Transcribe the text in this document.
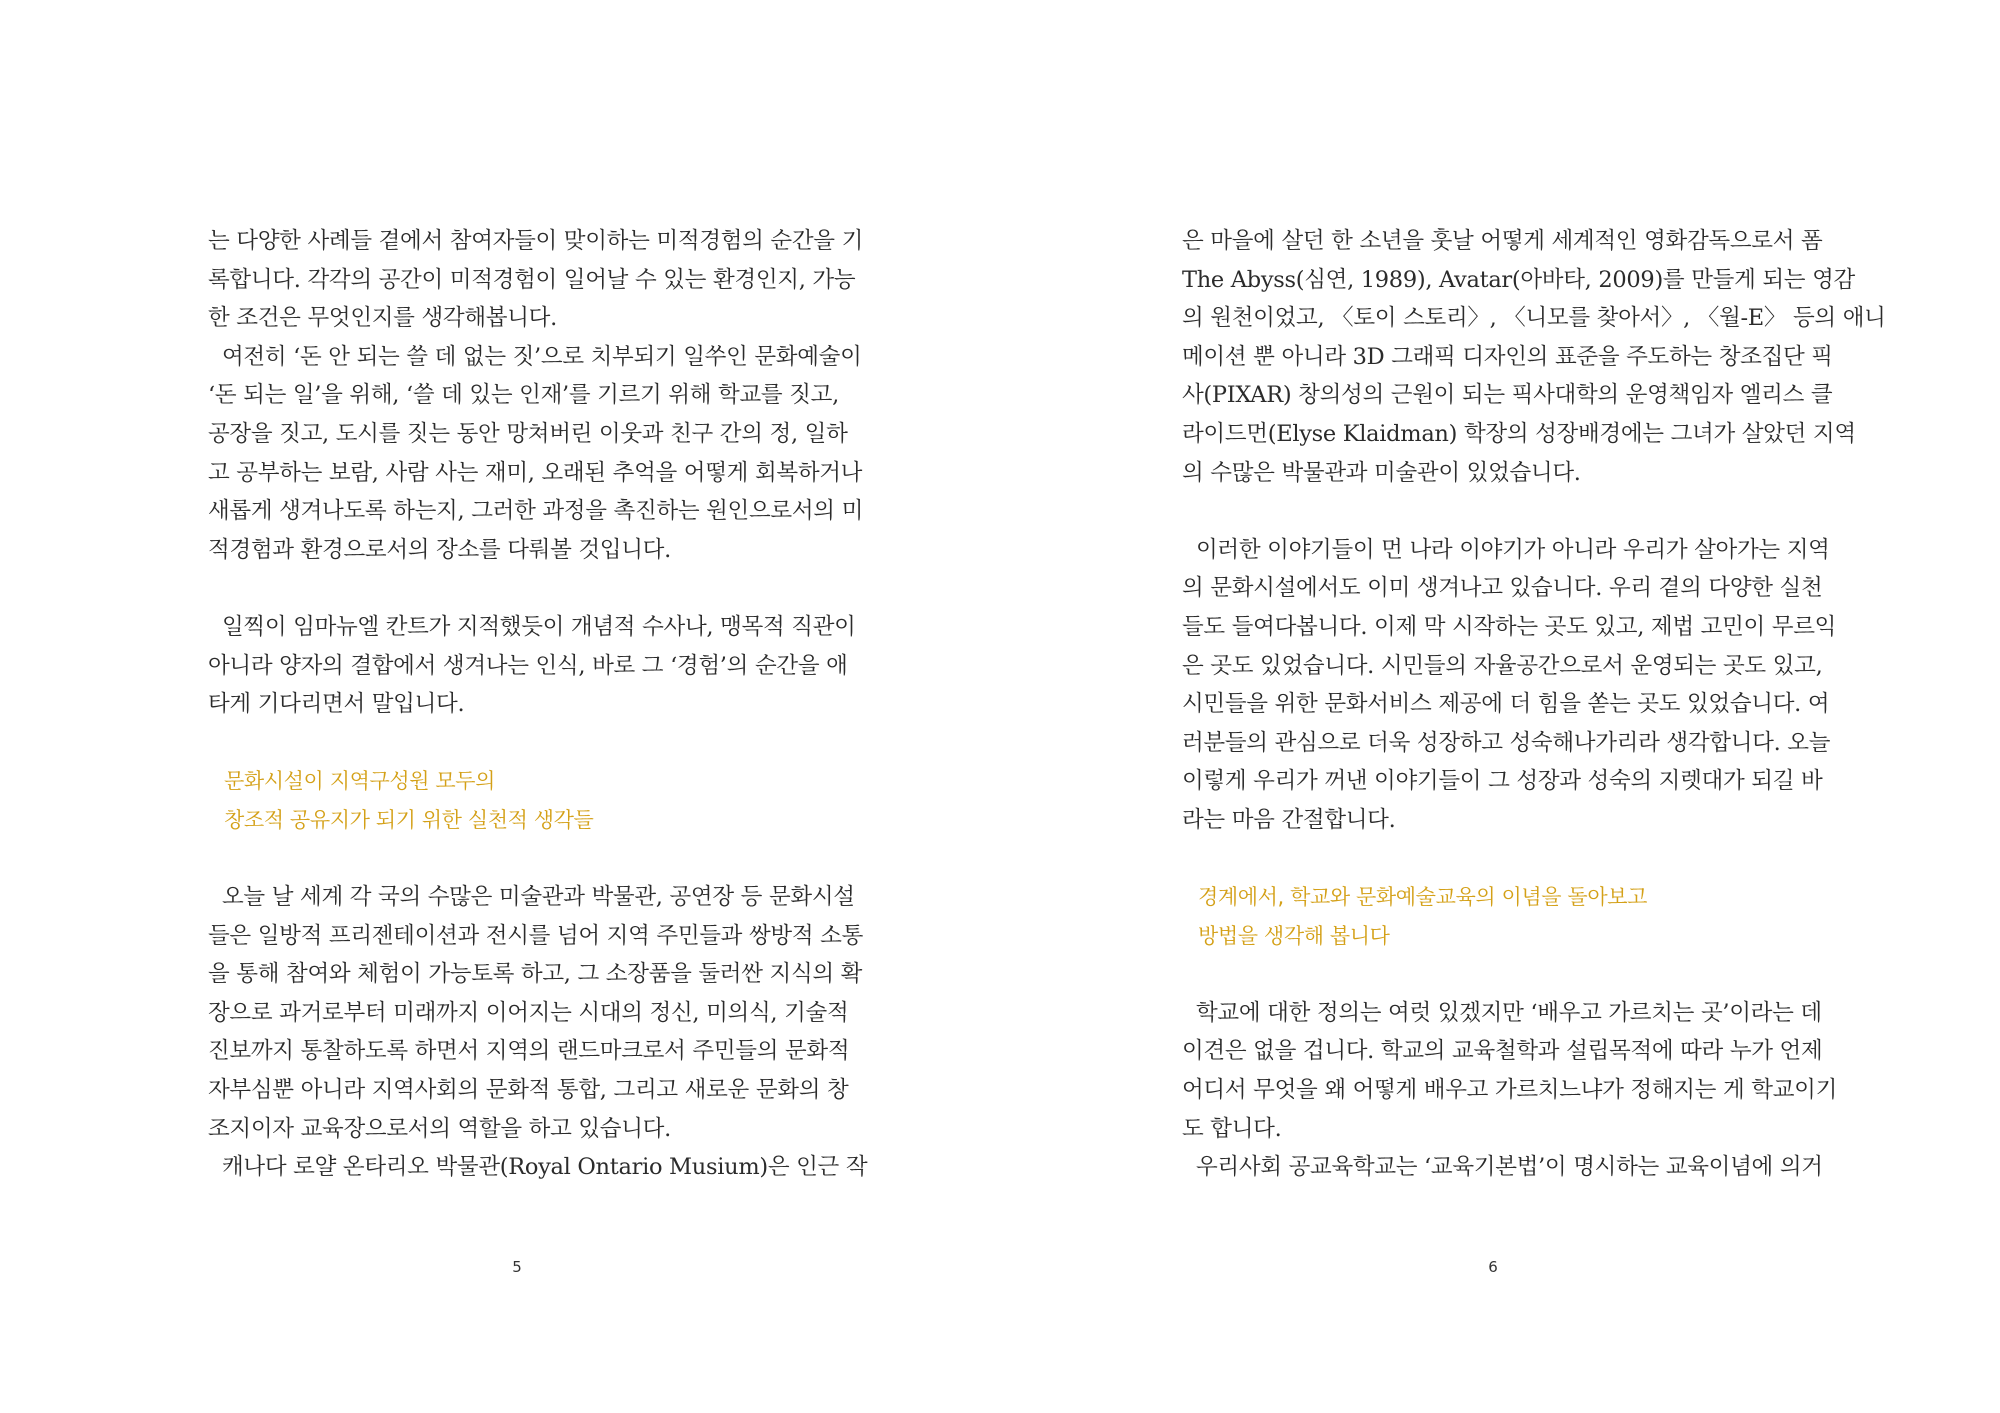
는 다양한 사례들 곁에서 참여자들이 맞이하는 미적경험의 순간을 기
록합니다. 각각의 공간이 미적경험이 일어날 수 있는 환경인지, 가능
한 조건은 무엇인지를 생각해봅니다.
여전히 ‘돈 안 되는 쓸 데 없는 짓’으로 치부되기 일쑤인 문화예술이
‘돈 되는 일’을 위해, ‘쓸 데 있는 인재’를 기르기 위해 학교를 짓고,
공장을 짓고, 도시를 짓는 동안 망쳐버린 이웃과 친구 간의 정, 일하
고 공부하는 보람, 사람 사는 재미, 오래된 추억을 어떻게 회복하거나
새롭게 생겨나도록 하는지, 그러한 과정을 촉진하는 원인으로서의 미
적경험과 환경으로서의 장소를 다뤄볼 것입니다.
일찍이 임마뉴엘 칸트가 지적했듯이 개념적 수사나, 맹목적 직관이
아니라 양자의 결합에서 생겨나는 인식, 바로 그 ‘경험’의 순간을 애
타게 기다리면서 말입니다.
문화시설이 지역구성원 모두의
창조적 공유지가 되기 위한 실천적 생각들
오늘 날 세계 각 국의 수많은 미술관과 박물관, 공연장 등 문화시설
들은 일방적 프리젠테이션과 전시를 넘어 지역 주민들과 쌍방적 소통
을 통해 참여와 체험이 가능토록 하고, 그 소장품을 둘러싼 지식의 확
장으로 과거로부터 미래까지 이어지는 시대의 정신, 미의식, 기술적
진보까지 통찰하도록 하면서 지역의 랜드마크로서 주민들의 문화적
자부심뿐 아니라 지역사회의 문화적 통합, 그리고 새로운 문화의 창
조지이자 교육장으로서의 역할을 하고 있습니다.
캐나다 로얄 온타리오 박물관(Royal Ontario Musium)은 인근 작
5
은 마을에 살던 한 소년을 훗날 어떻게 세계적인 영화감독으로서 폼
The Abyss(심연, 1989), Avatar(아바타, 2009)를 만들게 되는 영감
의 원천이었고, 〈토이 스토리〉, 〈니모를 찾아서〉, 〈월-E〉 등의 애니
메이션 뿐 아니라 3D 그래픽 디자인의 표준을 주도하는 창조집단 픽
사(PIXAR) 창의성의 근원이 되는 픽사대학의 운영책임자 엘리스 클
라이드먼(Elyse Klaidman) 학장의 성장배경에는 그녀가 살았던 지역
의 수많은 박물관과 미술관이 있었습니다.
이러한 이야기들이 먼 나라 이야기가 아니라 우리가 살아가는 지역
의 문화시설에서도 이미 생겨나고 있습니다. 우리 곁의 다양한 실천
들도 들여다봅니다. 이제 막 시작하는 곳도 있고, 제법 고민이 무르익
은 곳도 있었습니다. 시민들의 자율공간으로서 운영되는 곳도 있고,
시민들을 위한 문화서비스 제공에 더 힘을 쏟는 곳도 있었습니다. 여
러분들의 관심으로 더욱 성장하고 성숙해나가리라 생각합니다. 오늘
이렇게 우리가 꺼낸 이야기들이 그 성장과 성숙의 지렛대가 되길 바
라는 마음 간절합니다.
경계에서, 학교와 문화예술교육의 이념을 돌아보고
방법을 생각해 봅니다
학교에 대한 정의는 여럿 있겠지만 ‘배우고 가르치는 곳’이라는 데
이견은 없을 겁니다. 학교의 교육철학과 설립목적에 따라 누가 언제
어디서 무엇을 왜 어떻게 배우고 가르치느냐가 정해지는 게 학교이기
도 합니다.
우리사회 공교육학교는 ‘교육기본법’이 명시하는 교육이념에 의거
6
